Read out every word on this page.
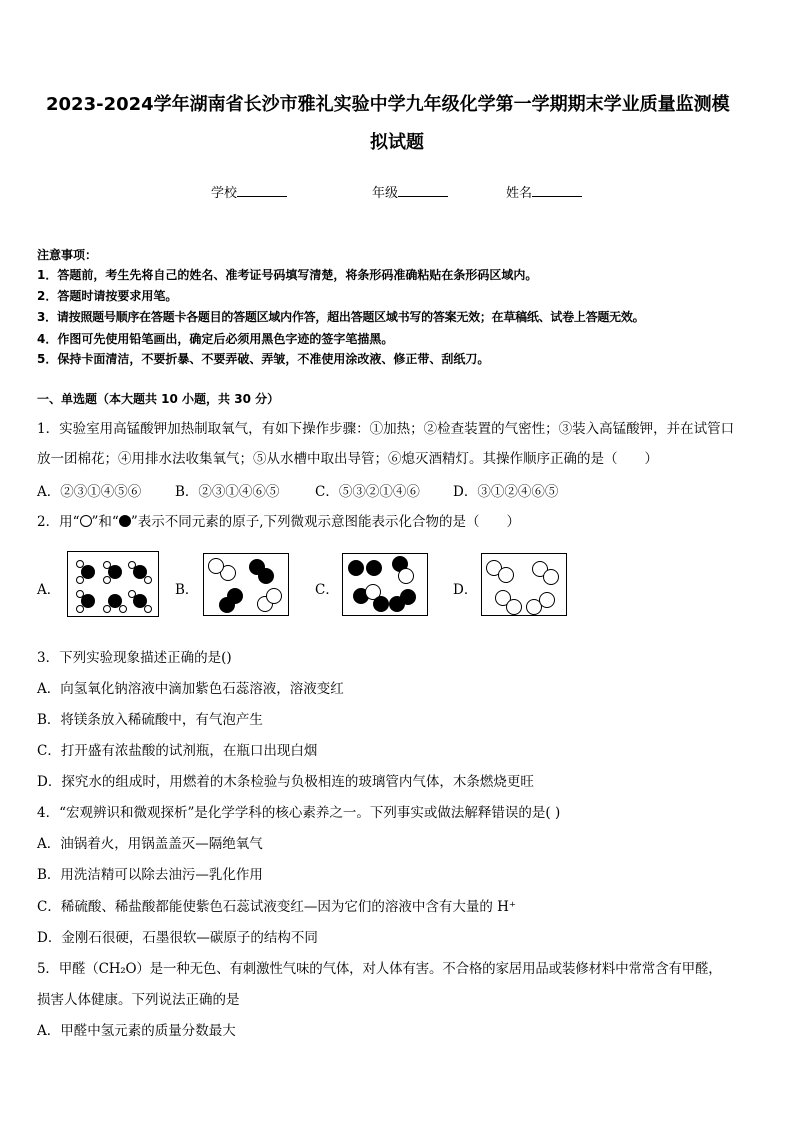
2023-2024学年湖南省长沙市雅礼实验中学九年级化学第一学期期末学业质量监测模
拟试题
学校	年级	姓名
注意事项：
1．答题前，考生先将自己的姓名、准考证号码填写清楚，将条形码准确粘贴在条形码区域内。
2．答题时请按要求用笔。
3．请按照题号顺序在答题卡各题目的答题区域内作答，超出答题区域书写的答案无效；在草稿纸、试卷上答题无效。
4．作图可先使用铅笔画出，确定后必须用黑色字迹的签字笔描黑。
5．保持卡面清洁，不要折暴、不要弄破、弄皱，不准使用涂改液、修正带、刮纸刀。
一、单选题（本大题共 10 小题，共 30 分）
1．实验室用高锰酸钾加热制取氧气，有如下操作步骤：①加热；②检查装置的气密性；③装入高锰酸钾，并在试管口
放一团棉花；④用排水法收集氧气；⑤从水槽中取出导管；⑥熄灭酒精灯。其操作顺序正确的是（　　）
A．②③①④⑤⑥	B．②③①④⑥⑤	C．⑤③②①④⑥ D．③①②④⑥⑤
2．用“ ”和“ ”表示不同元素的原子,下列微观示意图能表示化合物的是（　　）
A．	B．	C．	D．
3．下列实验现象描述正确的是()
A．向氢氧化钠溶液中滴加紫色石蕊溶液，溶液变红
B．将镁条放入稀硫酸中，有气泡产生
C．打开盛有浓盐酸的试剂瓶，在瓶口出现白烟
D．探究水的组成时，用燃着的木条检验与负极相连的玻璃管内气体，木条燃烧更旺
4．“宏观辨识和微观探析”是化学学科的核心素养之一。下列事实或做法解释错误的是( )
A．油锅着火，用锅盖盖灭—隔绝氧气
B．用洗洁精可以除去油污—乳化作用
C．稀硫酸、稀盐酸都能使紫色石蕊试液变红—因为它们的溶液中含有大量的 H⁺
D．金刚石很硬，石墨很软—碳原子的结构不同
5．甲醛（CH₂O）是一种无色、有刺激性气味的气体，对人体有害。不合格的家居用品或装修材料中常常含有甲醛，
损害人体健康。下列说法正确的是
A．甲醛中氢元素的质量分数最大
